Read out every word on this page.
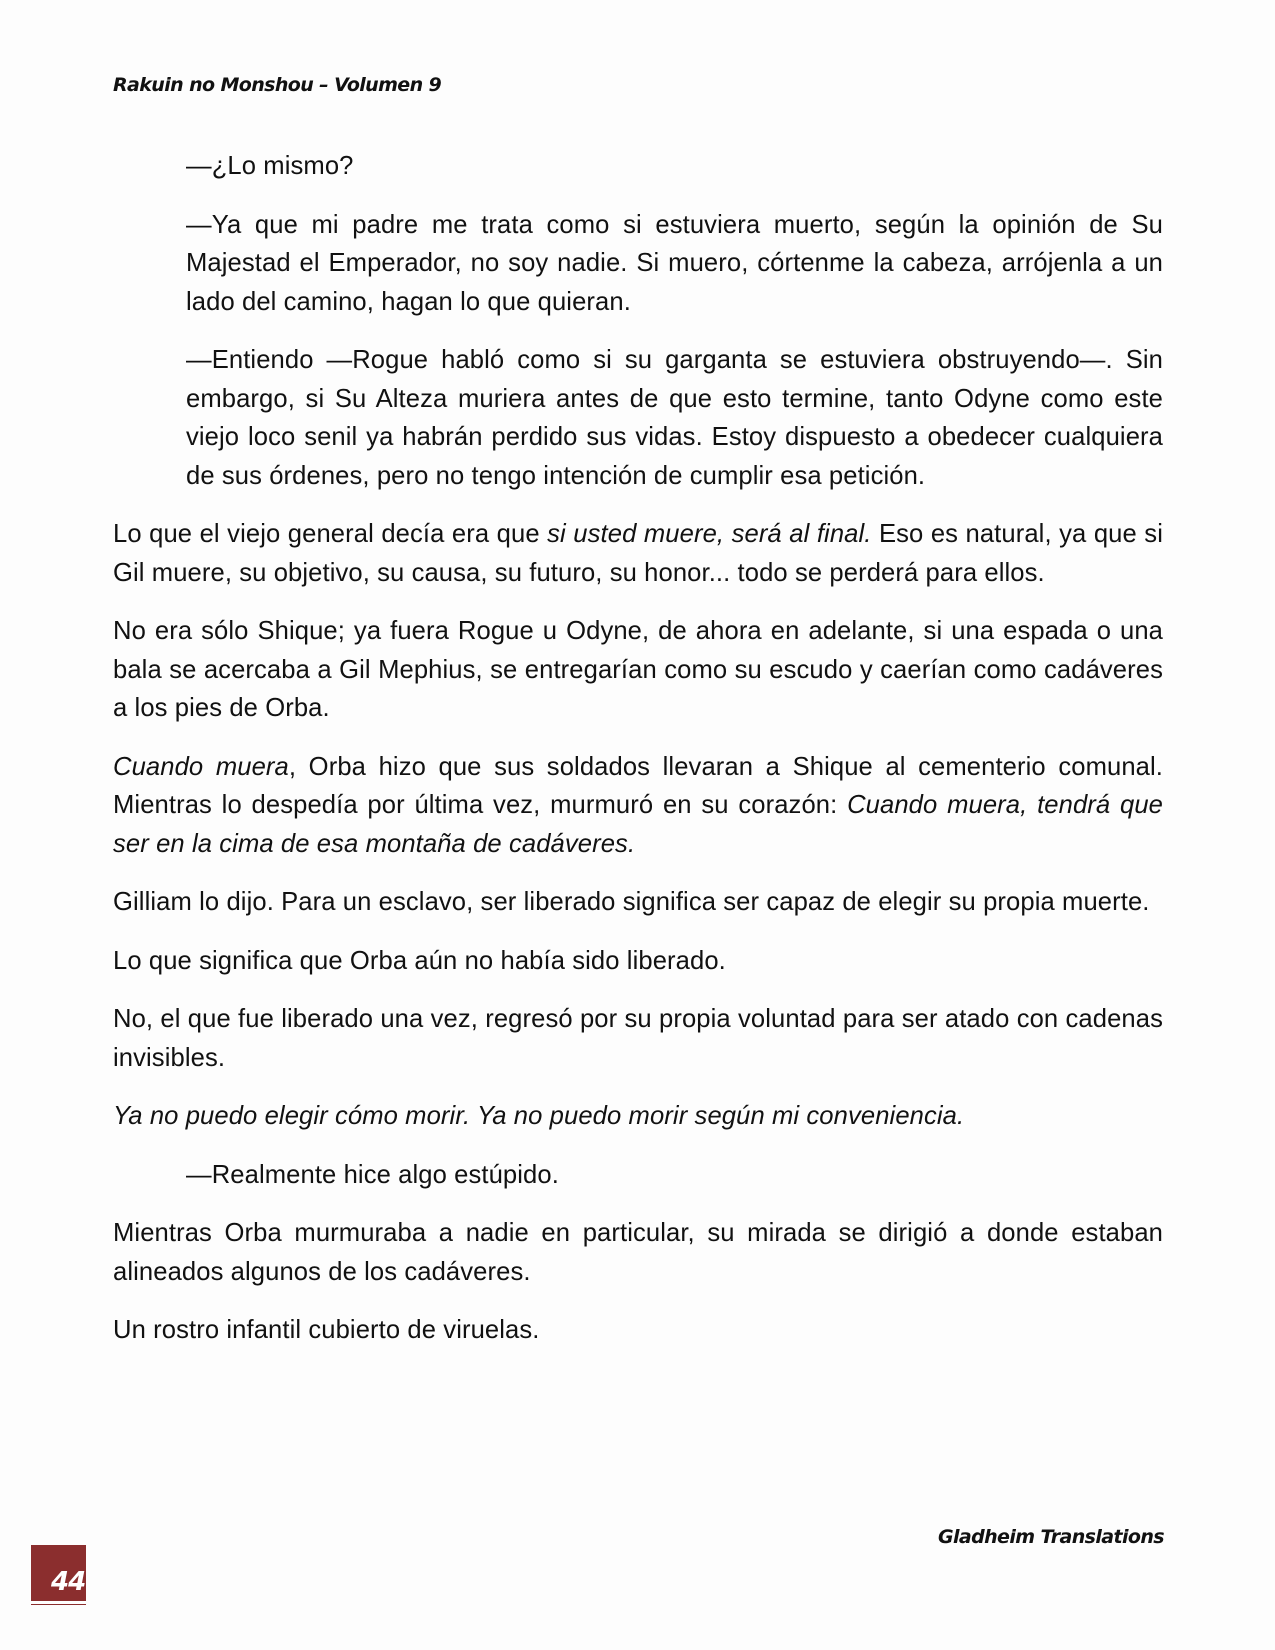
Rakuin no Monshou – Volumen 9

—¿Lo mismo?

—Ya que mi padre me trata como si estuviera muerto, según la opinión de Su Majestad el Emperador, no soy nadie. Si muero, córtenme la cabeza, arrójenla a un lado del camino, hagan lo que quieran.

—Entiendo —Rogue habló como si su garganta se estuviera obstruyendo—. Sin embargo, si Su Alteza muriera antes de que esto termine, tanto Odyne como este viejo loco senil ya habrán perdido sus vidas. Estoy dispuesto a obedecer cualquiera de sus órdenes, pero no tengo intención de cumplir esa petición.

Lo que el viejo general decía era que si usted muere, será al final. Eso es natural, ya que si Gil muere, su objetivo, su causa, su futuro, su honor... todo se perderá para ellos.

No era sólo Shique; ya fuera Rogue u Odyne, de ahora en adelante, si una espada o una bala se acercaba a Gil Mephius, se entregarían como su escudo y caerían como cadáveres a los pies de Orba.

Cuando muera, Orba hizo que sus soldados llevaran a Shique al cementerio comunal. Mientras lo despedía por última vez, murmuró en su corazón: Cuando muera, tendrá que ser en la cima de esa montaña de cadáveres.

Gilliam lo dijo. Para un esclavo, ser liberado significa ser capaz de elegir su propia muerte.

Lo que significa que Orba aún no había sido liberado.

No, el que fue liberado una vez, regresó por su propia voluntad para ser atado con cadenas invisibles.

Ya no puedo elegir cómo morir. Ya no puedo morir según mi conveniencia.

—Realmente hice algo estúpido.

Mientras Orba murmuraba a nadie en particular, su mirada se dirigió a donde estaban alineados algunos de los cadáveres.

Un rostro infantil cubierto de viruelas.

Gladheim Translations
44
